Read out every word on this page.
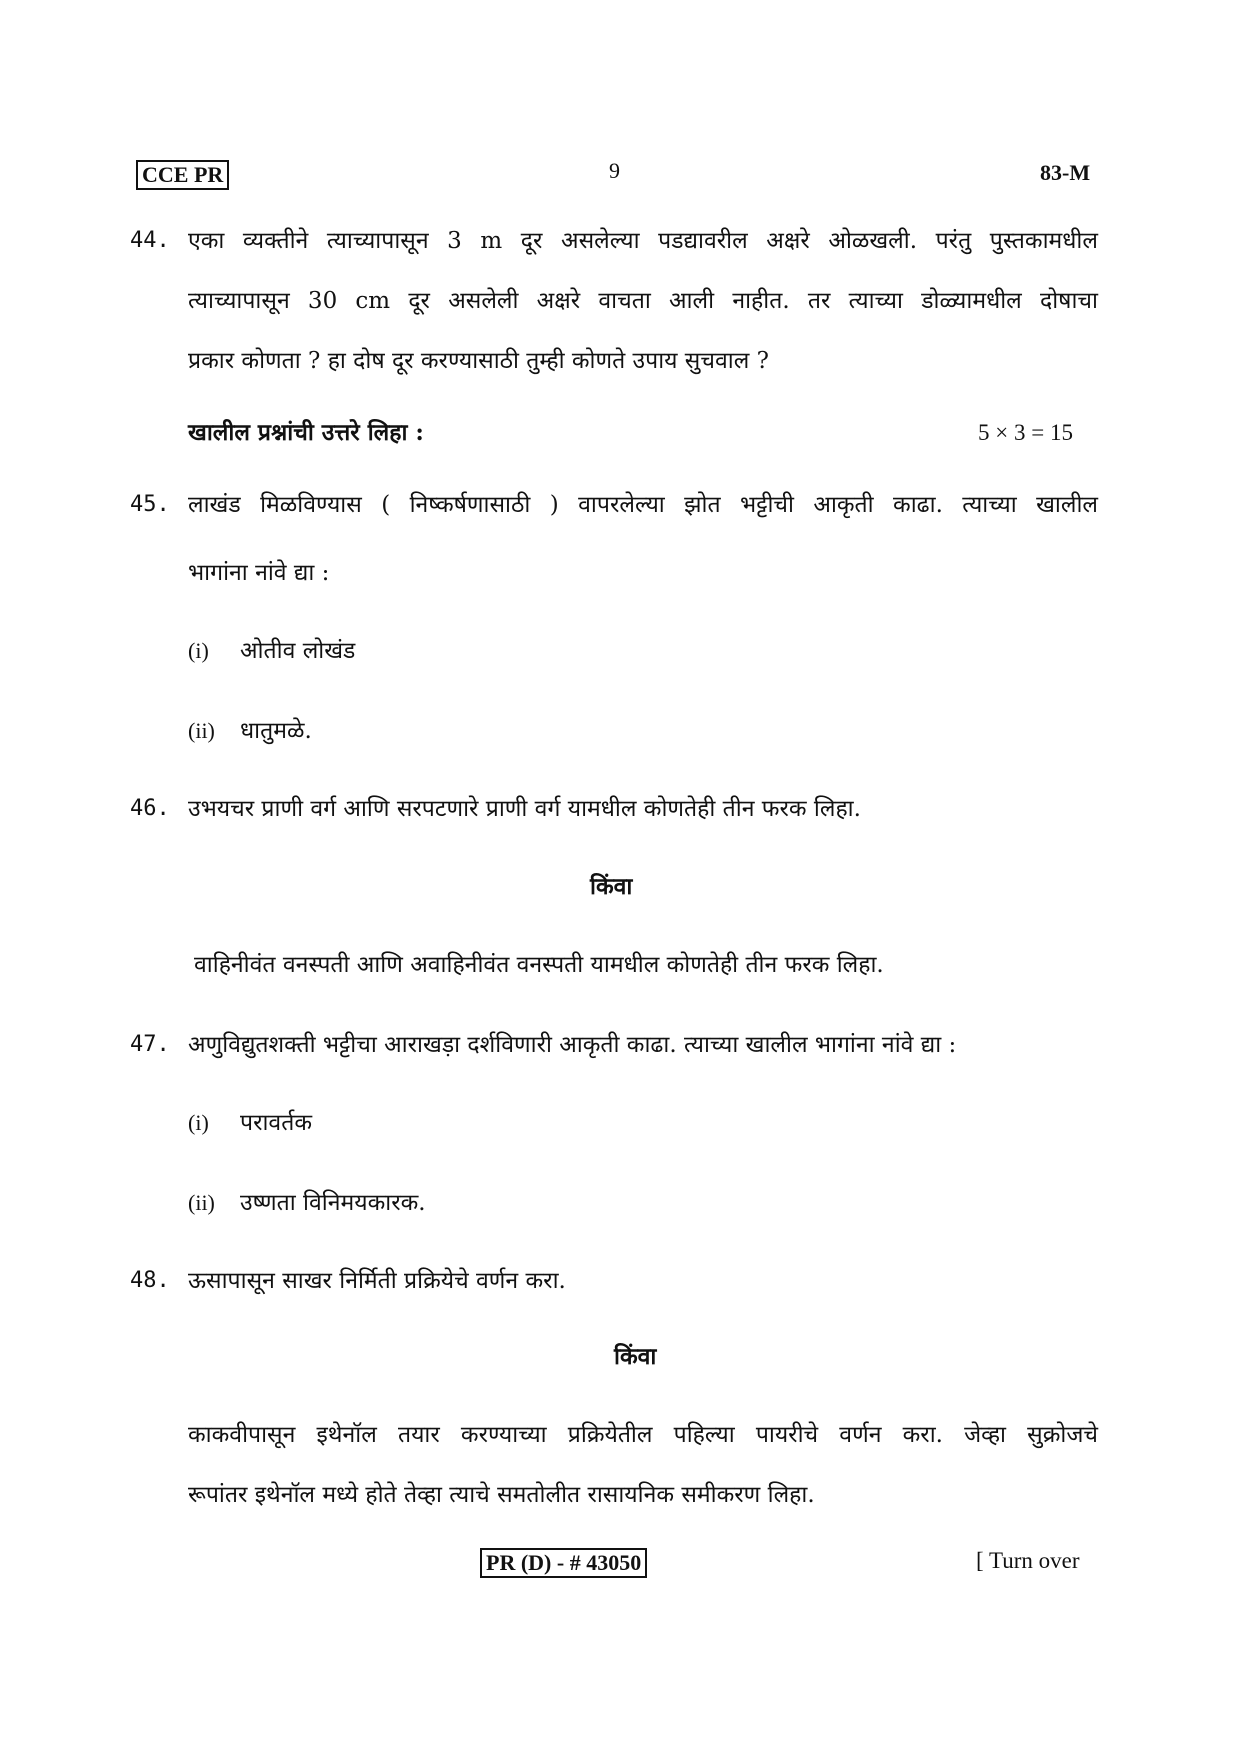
CCE PR	9	83-M
44. एका व्यक्तीने त्याच्यापासून 3 m दूर असलेल्या पडद्यावरील अक्षरे ओळखली. परंतु पुस्तकामधील
त्याच्यापासून 30 cm दूर असलेली अक्षरे वाचता आली नाहीत. तर त्याच्या डोळ्यामधील दोषाचा
प्रकार कोणता ? हा दोष दूर करण्यासाठी तुम्ही कोणते उपाय सुचवाल ?
खालील प्रश्नांची उत्तरे लिहा :	5 × 3 = 15
45. लाखंड मिळविण्यास ( निष्कर्षणासाठी ) वापरलेल्या झोत भट्टीची आकृती काढा. त्याच्या खालील
भागांना नांवे द्या :
(i) ओतीव लोखंड
(ii) धातुमळे.
46. उभयचर प्राणी वर्ग आणि सरपटणारे प्राणी वर्ग यामधील कोणतेही तीन फरक लिहा.
किंवा
वाहिनीवंत वनस्पती आणि अवाहिनीवंत वनस्पती यामधील कोणतेही तीन फरक लिहा.
47. अणुविद्युतशक्ती भट्टीचा आराखड़ा दर्शविणारी आकृती काढा. त्याच्या खालील भागांना नांवे द्या :
(i) परावर्तक
(ii) उष्णता विनिमयकारक.
48. ऊसापासून साखर निर्मिती प्रक्रियेचे वर्णन करा.
किंवा
काकवीपासून इथेनॉल तयार करण्याच्या प्रक्रियेतील पहिल्या पायरीचे वर्णन करा. जेव्हा सुक्रोजचे
रूपांतर इथेनॉल मध्ये होते तेव्हा त्याचे समतोलीत रासायनिक समीकरण लिहा.
PR (D) - # 43050	[ Turn over
